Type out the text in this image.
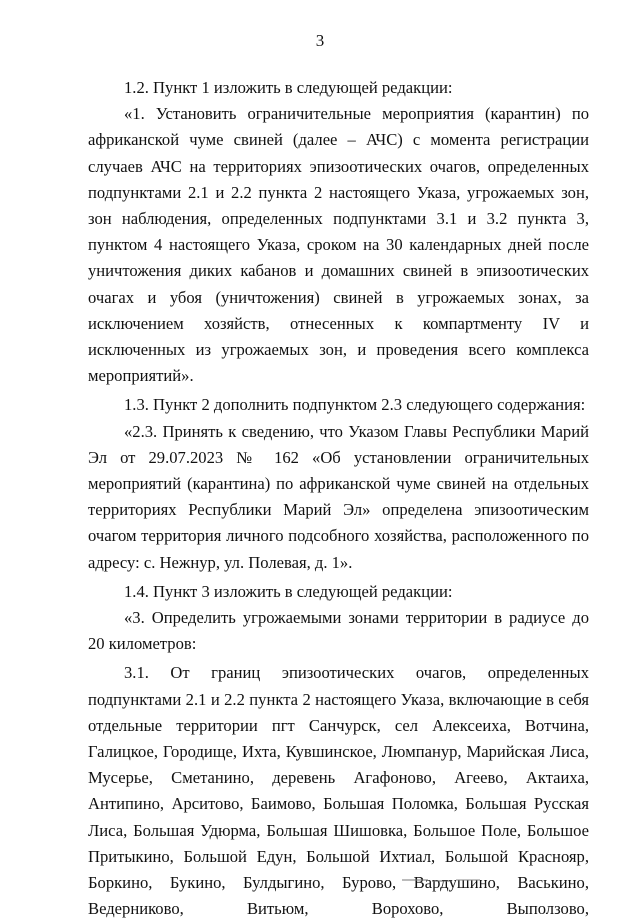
3

1.2. Пункт 1 изложить в следующей редакции:

«1. Установить ограничительные мероприятия (карантин) по африканской чуме свиней (далее – АЧС) с момента регистрации случаев АЧС на территориях эпизоотических очагов, определенных подпунктами 2.1 и 2.2 пункта 2 настоящего Указа, угрожаемых зон, зон наблюдения, определенных подпунктами 3.1 и 3.2 пункта 3, пунктом 4 настоящего Указа, сроком на 30 календарных дней после уничтожения диких кабанов и домашних свиней в эпизоотических очагах и убоя (уничтожения) свиней в угрожаемых зонах, за исключением хозяйств, отнесенных к компартменту IV и исключенных из угрожаемых зон, и проведения всего комплекса мероприятий».

1.3. Пункт 2 дополнить подпунктом 2.3 следующего содержания:

«2.3. Принять к сведению, что Указом Главы Республики Марий Эл от 29.07.2023 № 162 «Об установлении ограничительных мероприятий (карантина) по африканской чуме свиней на отдельных территориях Республики Марий Эл» определена эпизоотическим очагом территория личного подсобного хозяйства, расположенного по адресу: с. Нежнур, ул. Полевая, д. 1».

1.4. Пункт 3 изложить в следующей редакции:

«3. Определить угрожаемыми зонами территории в радиусе до 20 километров:

3.1. От границ эпизоотических очагов, определенных подпунктами 2.1 и 2.2 пункта 2 настоящего Указа, включающие в себя отдельные территории пгт Санчурск, сел Алексеиха, Вотчина, Галицкое, Городище, Ихта, Кувшинское, Люмпанур, Марийская Лиса, Мусерье, Сметанино, деревень Агафоново, Агеево, Актаиха, Антипино, Арситово, Баимово, Большая Поломка, Большая Русская Лиса, Большая Удюрма, Большая Шишовка, Большое Поле, Большое Притыкино, Большой Едун, Большой Ихтиал, Большой Краснояр, Боркино, Букино, Булдыгино, Бурово, Вардушино, Васькино, Ведерниково, Витьюм, Ворохово, Выползово,
